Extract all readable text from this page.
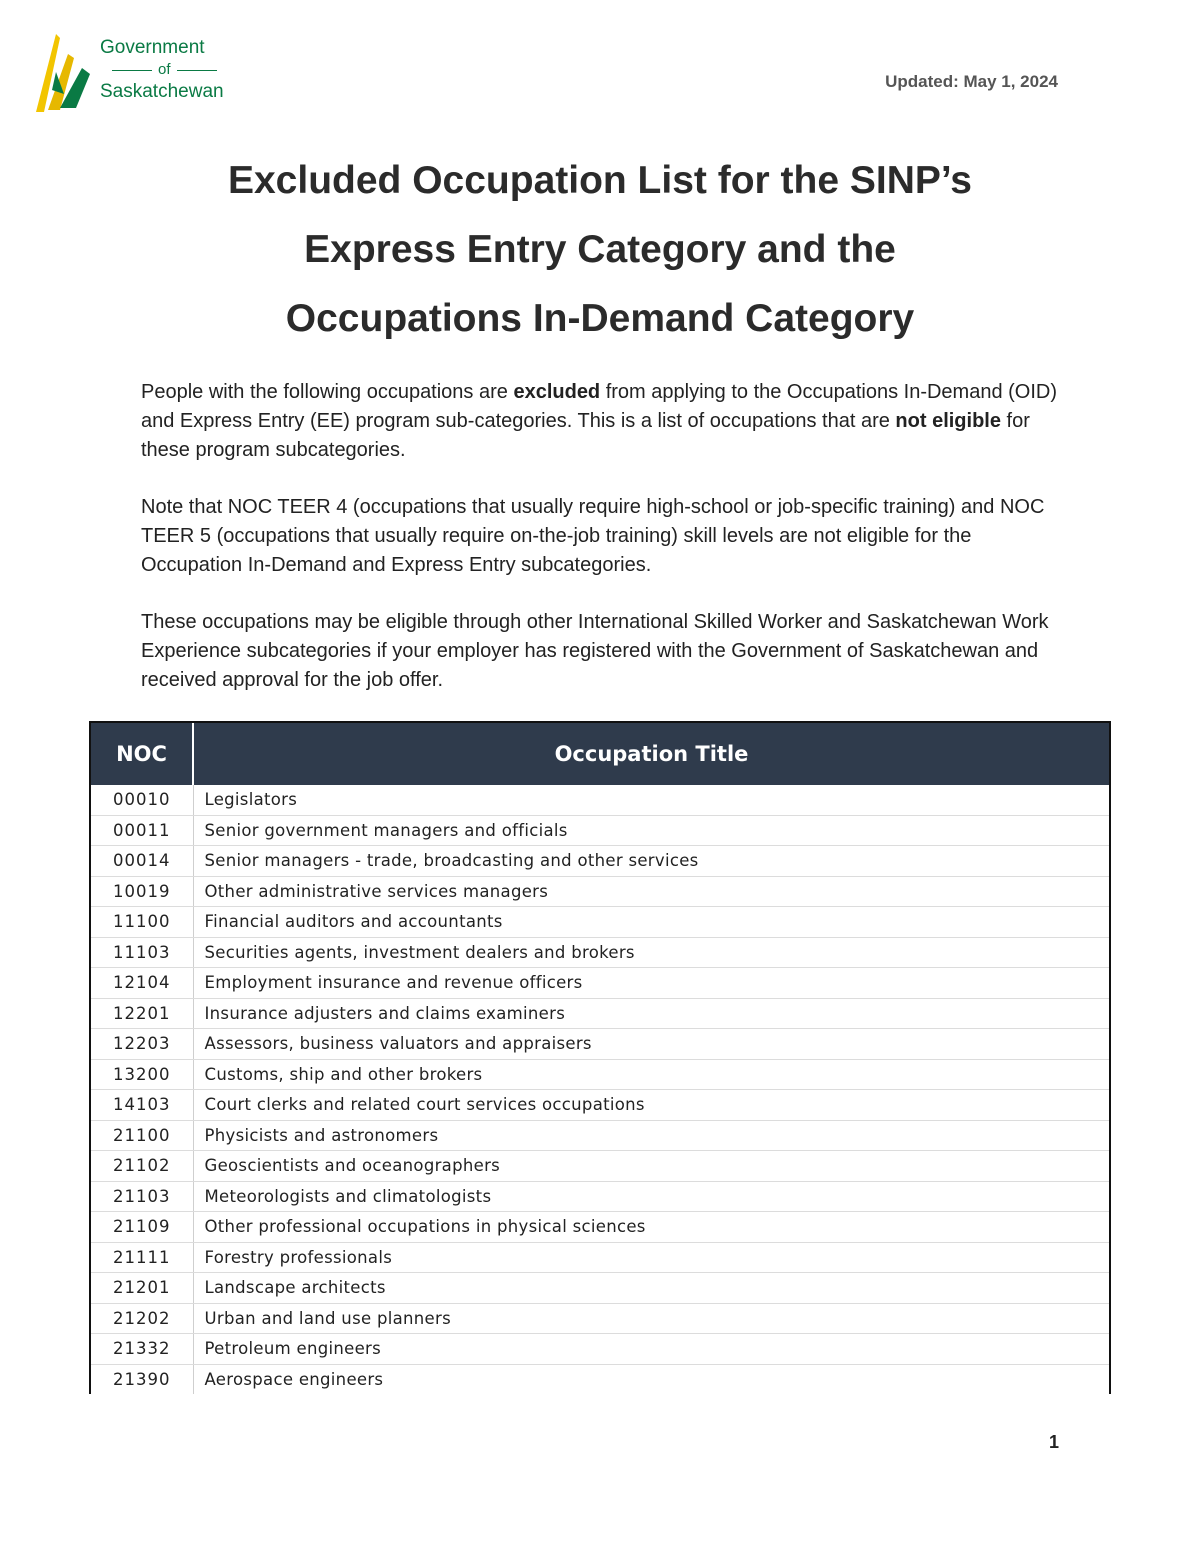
Government
of
Saskatchewan	Updated: May 1, 2024
Excluded Occupation List for the SINP’s
Express Entry Category and the
Occupations In-Demand Category

People with the following occupations are excluded from applying to the Occupations In-Demand (OID) and Express Entry (EE) program sub-categories. This is a list of occupations that are not eligible for these program subcategories.

Note that NOC TEER 4 (occupations that usually require high-school or job-specific training) and NOC TEER 5 (occupations that usually require on-the-job training) skill levels are not eligible for the Occupation In-Demand and Express Entry subcategories.

These occupations may be eligible through other International Skilled Worker and Saskatchewan Work Experience subcategories if your employer has registered with the Government of Saskatchewan and received approval for the job offer.

NOC	Occupation Title
00010	Legislators
00011	Senior government managers and officials
00014	Senior managers - trade, broadcasting and other services
10019	Other administrative services managers
11100	Financial auditors and accountants
11103	Securities agents, investment dealers and brokers
12104	Employment insurance and revenue officers
12201	Insurance adjusters and claims examiners
12203	Assessors, business valuators and appraisers
13200	Customs, ship and other brokers
14103	Court clerks and related court services occupations
21100	Physicists and astronomers
21102	Geoscientists and oceanographers
21103	Meteorologists and climatologists
21109	Other professional occupations in physical sciences
21111	Forestry professionals
21201	Landscape architects
21202	Urban and land use planners
21332	Petroleum engineers
21390	Aerospace engineers
1
